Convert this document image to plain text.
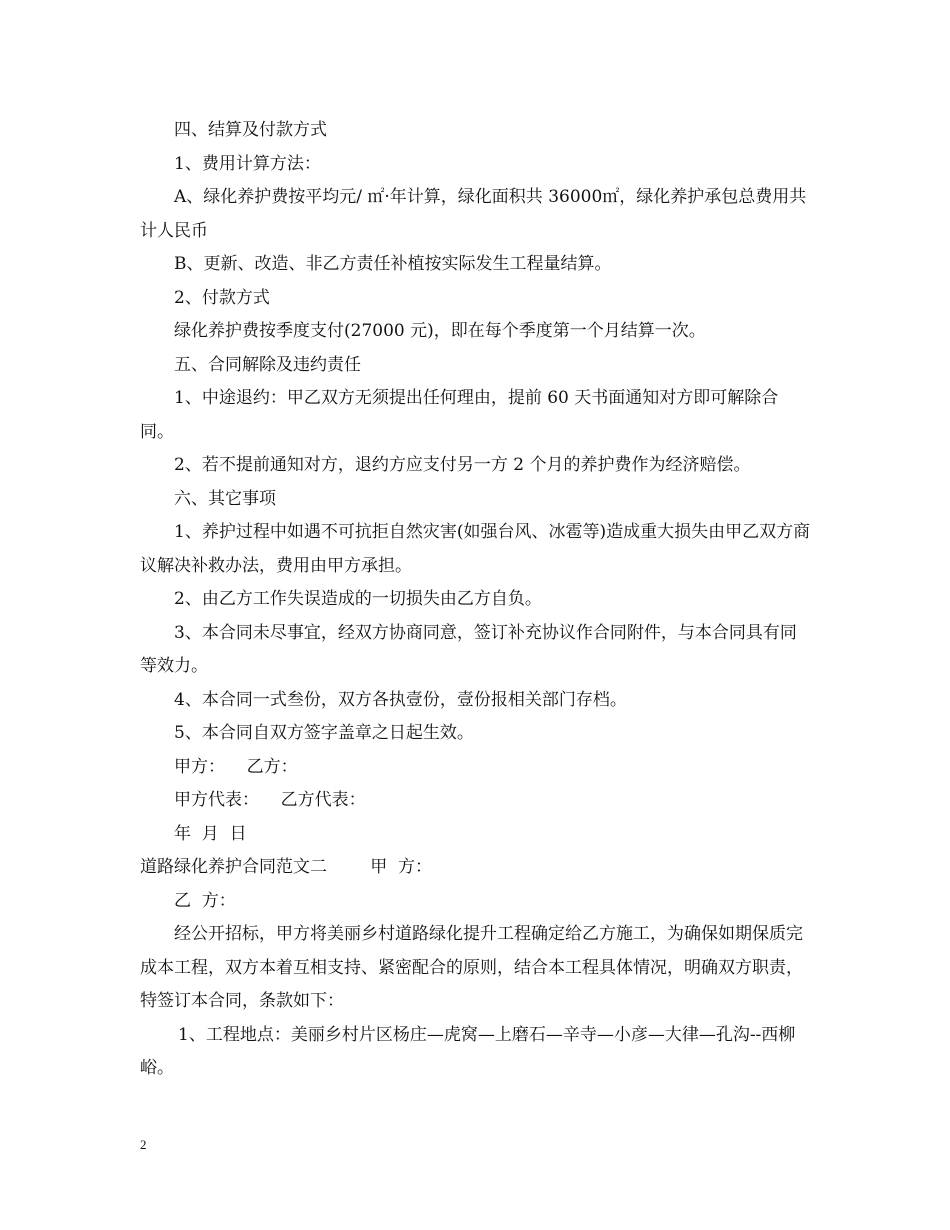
四、结算及付款方式

1、费用计算方法：

A、绿化养护费按平均元/ ㎡·年计算，绿化面积共 36000㎡，绿化养护承包总费用共计人民币

B、更新、改造、非乙方责任补植按实际发生工程量结算。

2、付款方式

绿化养护费按季度支付(27000 元)，即在每个季度第一个月结算一次。

五、合同解除及违约责任

1、中途退约：甲乙双方无须提出任何理由，提前 60 天书面通知对方即可解除合同。

2、若不提前通知对方，退约方应支付另一方 2 个月的养护费作为经济赔偿。

六、其它事项

1、养护过程中如遇不可抗拒自然灾害(如强台风、冰雹等)造成重大损失由甲乙双方商议解决补救办法，费用由甲方承担。

2、由乙方工作失误造成的一切损失由乙方自负。

3、本合同未尽事宜，经双方协商同意，签订补充协议作合同附件，与本合同具有同等效力。

4、本合同一式叁份，双方各执壹份，壹份报相关部门存档。

5、本合同自双方签字盖章之日起生效。

甲方：    乙方：

甲方代表：    乙方代表：

年  月  日

道路绿化养护合同范文二        甲  方：

乙  方：

经公开招标，甲方将美丽乡村道路绿化提升工程确定给乙方施工，为确保如期保质完成本工程，双方本着互相支持、紧密配合的原则，结合本工程具体情况，明确双方职责，特签订本合同，条款如下：

1、工程地点：美丽乡村片区杨庄—虎窝—上磨石—辛寺—小彦—大律—孔沟--西柳峪。

2
